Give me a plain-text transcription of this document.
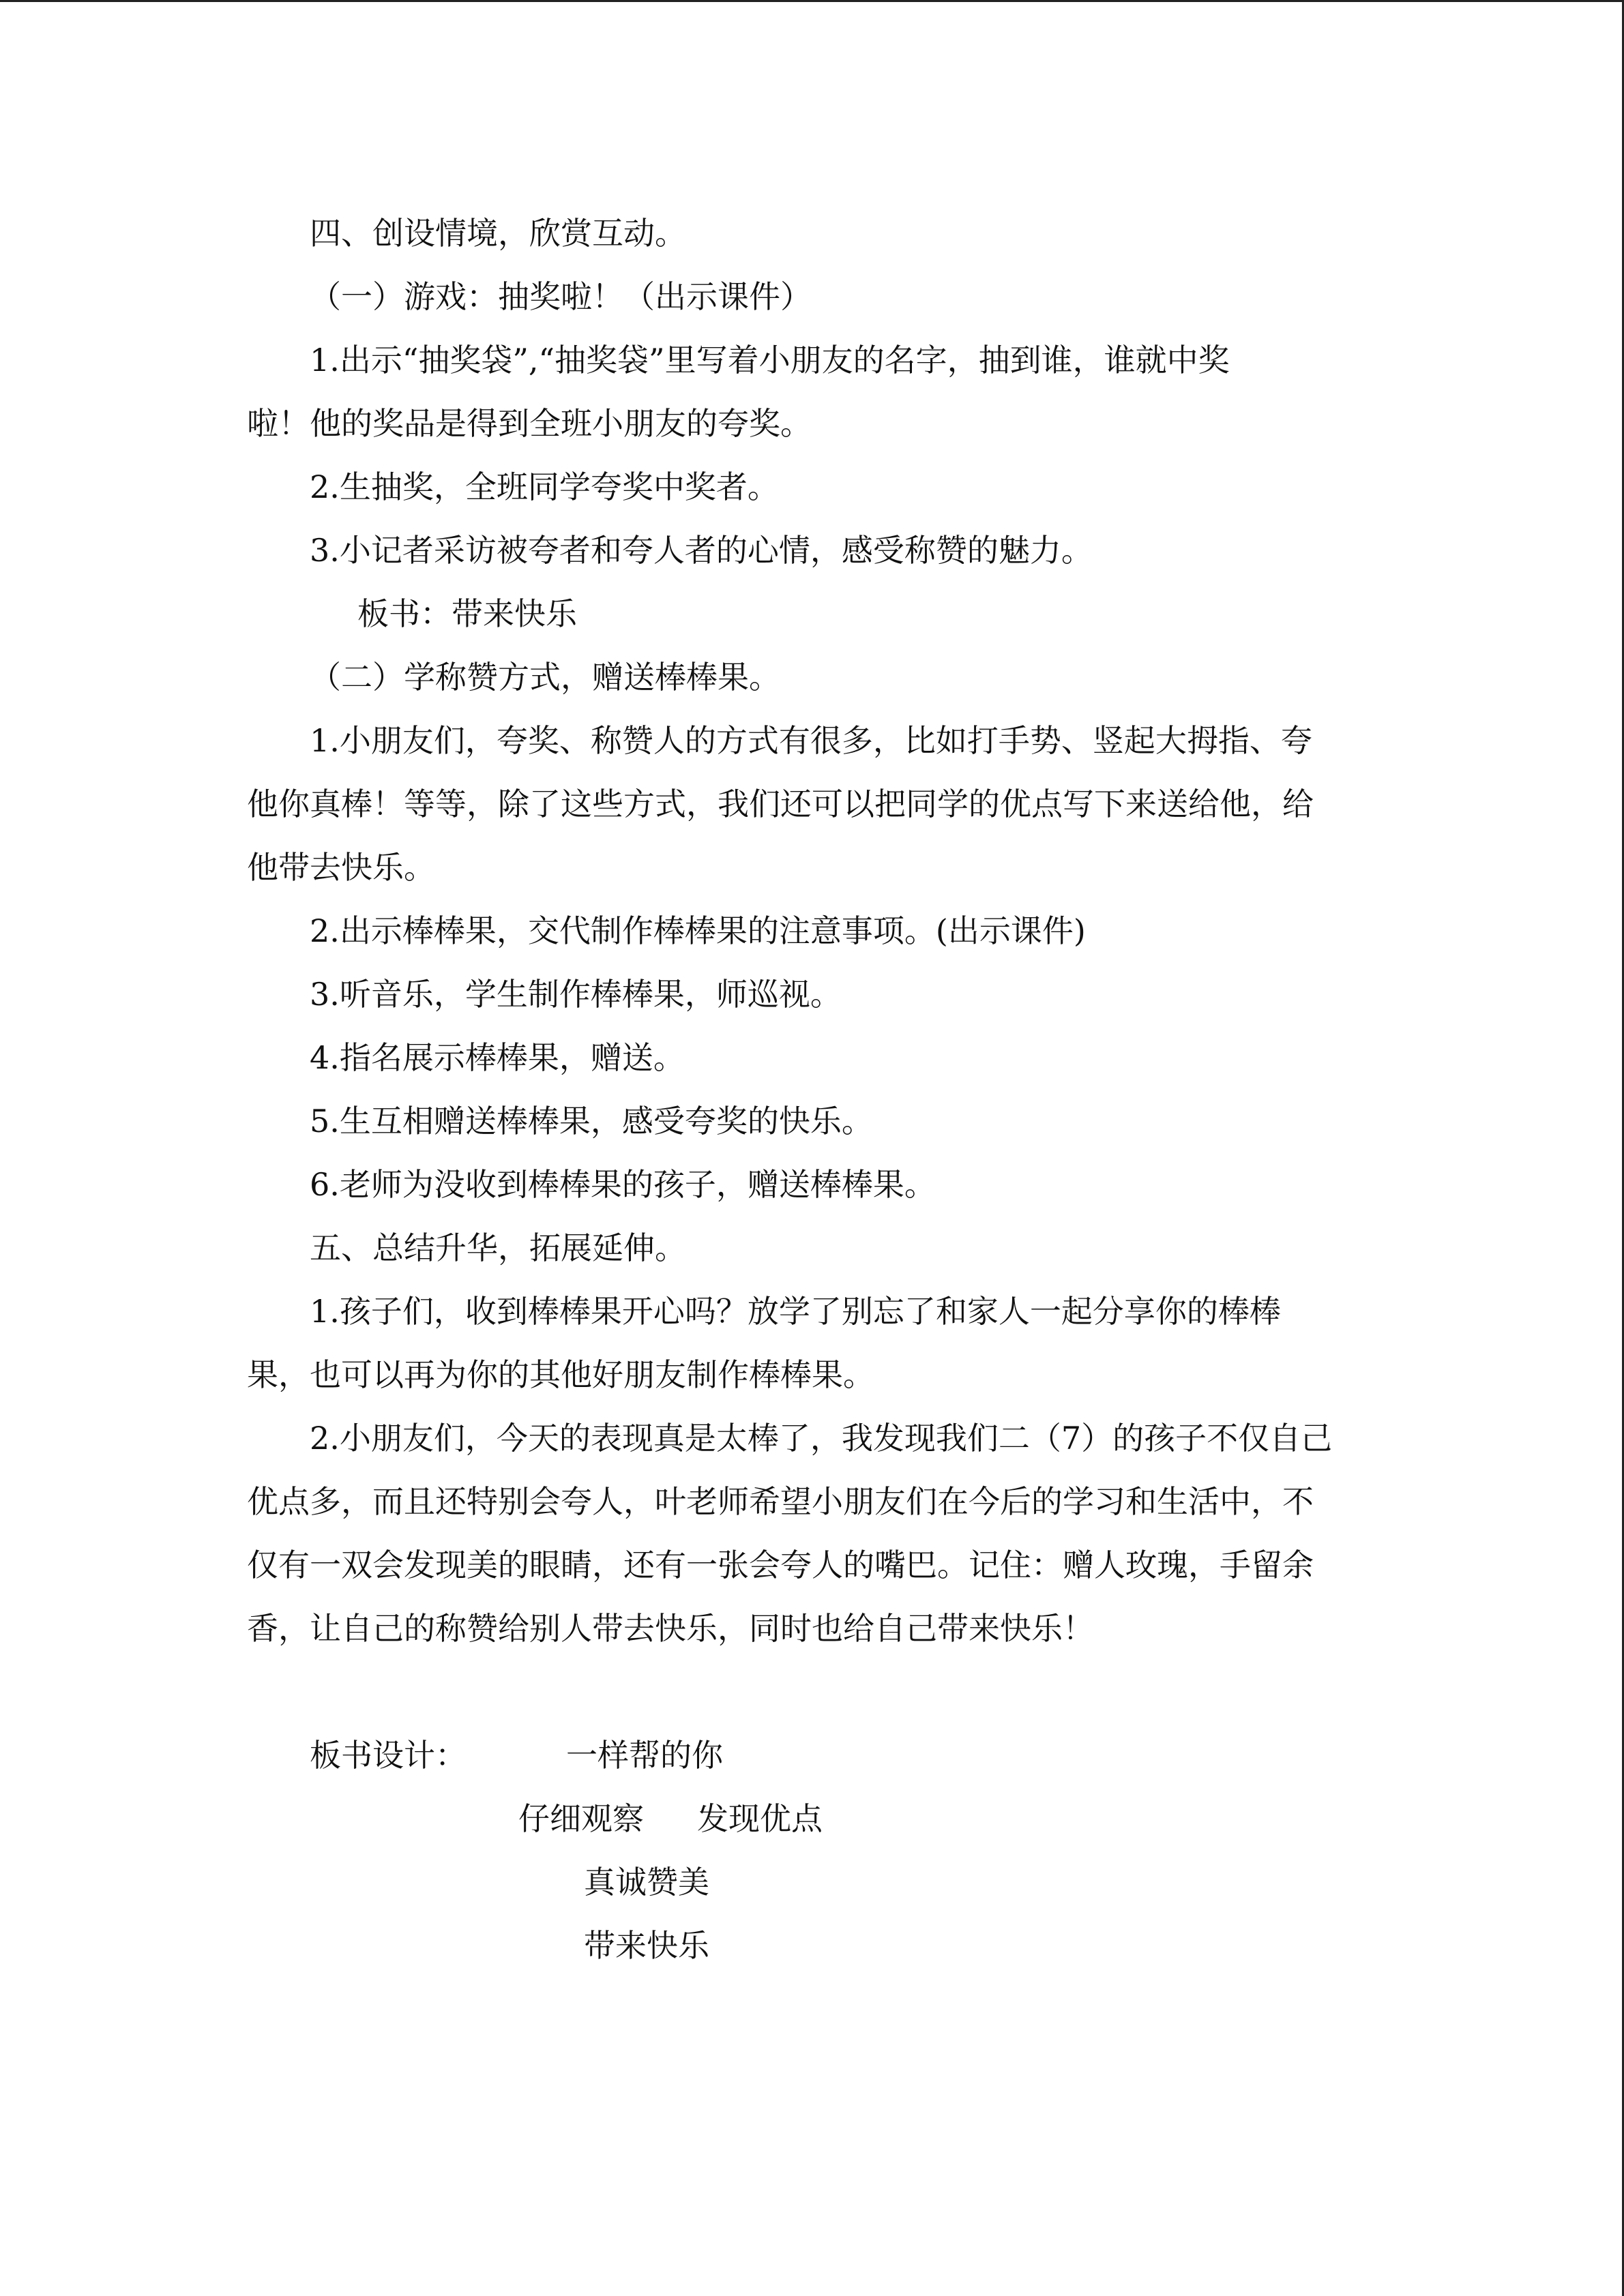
四、创设情境，欣赏互动。

（一）游戏：抽奖啦！（出示课件）

1.出示“抽奖袋”,“抽奖袋”里写着小朋友的名字，抽到谁，谁就中奖

啦！他的奖品是得到全班小朋友的夸奖。

2.生抽奖，全班同学夸奖中奖者。

3.小记者采访被夸者和夸人者的心情，感受称赞的魅力。

板书：带来快乐

（二）学称赞方式，赠送棒棒果。

1.小朋友们，夸奖、称赞人的方式有很多，比如打手势、竖起大拇指、夸

他你真棒！等等，除了这些方式，我们还可以把同学的优点写下来送给他，给

他带去快乐。

2.出示棒棒果，交代制作棒棒果的注意事项。(出示课件)

3.听音乐，学生制作棒棒果，师巡视。

4.指名展示棒棒果，赠送。

5.生互相赠送棒棒果，感受夸奖的快乐。

6.老师为没收到棒棒果的孩子，赠送棒棒果。

五、总结升华，拓展延伸。

1.孩子们，收到棒棒果开心吗？放学了别忘了和家人一起分享你的棒棒

果，也可以再为你的其他好朋友制作棒棒果。

2.小朋友们，今天的表现真是太棒了，我发现我们二（7）的孩子不仅自己

优点多，而且还特别会夸人，叶老师希望小朋友们在今后的学习和生活中，不

仅有一双会发现美的眼睛，还有一张会夸人的嘴巴。记住：赠人玫瑰，手留余

香，让自己的称赞给别人带去快乐，同时也给自己带来快乐！

板书设计：	一样帮的你
仔细观察 发现优点
真诚赞美
带来快乐
